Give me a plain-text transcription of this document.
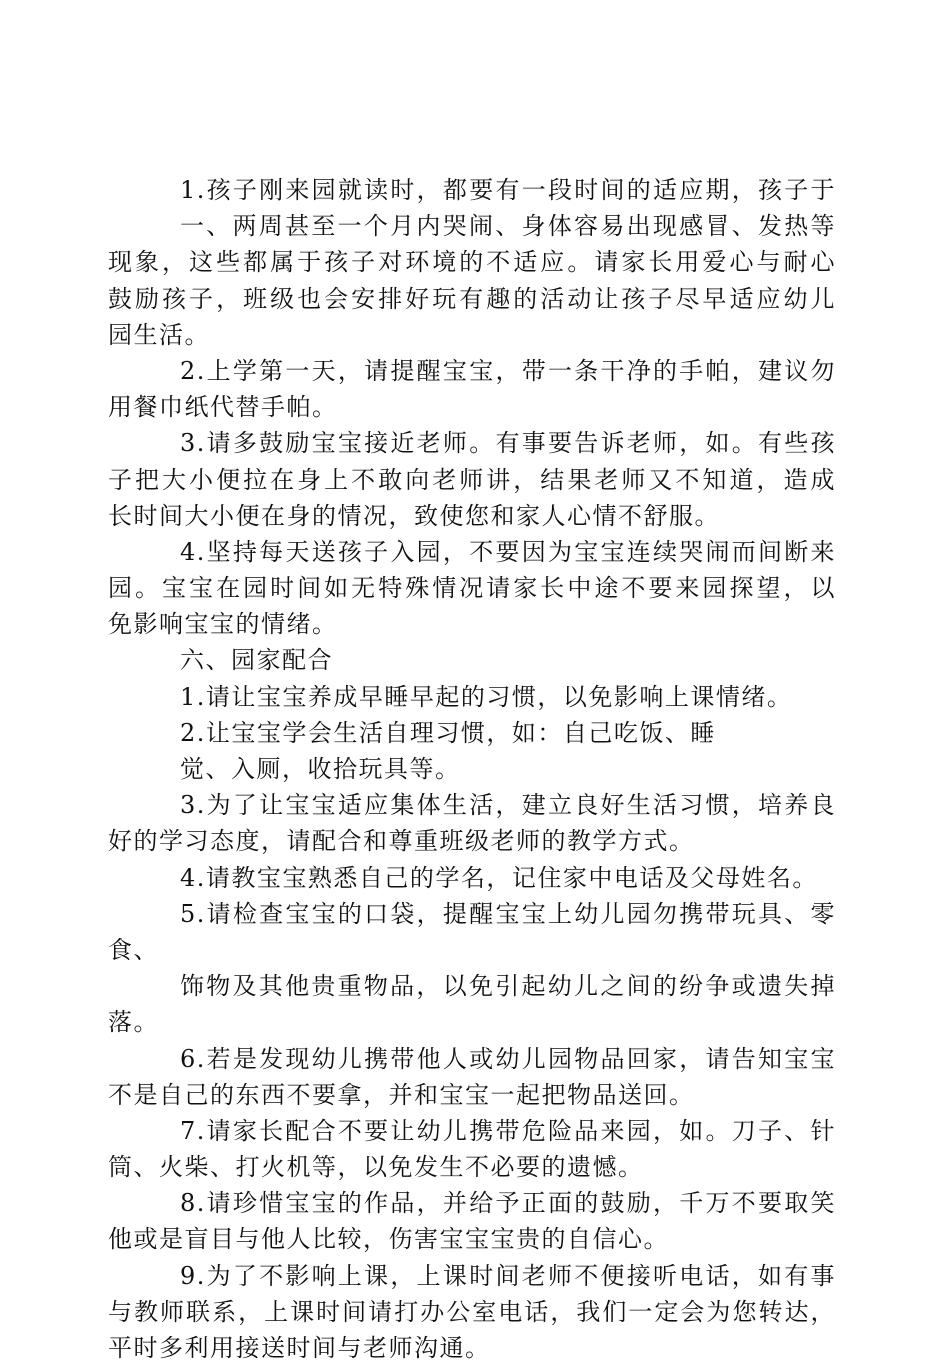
1.孩子刚来园就读时，都要有一段时间的适应期，孩子于
一、两周甚至一个月内哭闹、身体容易出现感冒、发热等
现象，这些都属于孩子对环境的不适应。请家长用爱心与耐心
鼓励孩子，班级也会安排好玩有趣的活动让孩子尽早适应幼儿
园生活。
2.上学第一天，请提醒宝宝，带一条干净的手帕，建议勿
用餐巾纸代替手帕。
3.请多鼓励宝宝接近老师。有事要告诉老师，如。有些孩
子把大小便拉在身上不敢向老师讲，结果老师又不知道，造成
长时间大小便在身的情况，致使您和家人心情不舒服。
4.坚持每天送孩子入园，不要因为宝宝连续哭闹而间断来
园。宝宝在园时间如无特殊情况请家长中途不要来园探望，以
免影响宝宝的情绪。
六、园家配合
1.请让宝宝养成早睡早起的习惯，以免影响上课情绪。
2.让宝宝学会生活自理习惯，如：自己吃饭、睡
觉、入厕，收拾玩具等。
3.为了让宝宝适应集体生活，建立良好生活习惯，培养良
好的学习态度，请配合和尊重班级老师的教学方式。
4.请教宝宝熟悉自己的学名，记住家中电话及父母姓名。
5.请检查宝宝的口袋，提醒宝宝上幼儿园勿携带玩具、零
食、
饰物及其他贵重物品，以免引起幼儿之间的纷争或遗失掉
落。
6.若是发现幼儿携带他人或幼儿园物品回家，请告知宝宝
不是自己的东西不要拿，并和宝宝一起把物品送回。
7.请家长配合不要让幼儿携带危险品来园，如。刀子、针
筒、火柴、打火机等，以免发生不必要的遗憾。
8.请珍惜宝宝的作品，并给予正面的鼓励，千万不要取笑
他或是盲目与他人比较，伤害宝宝宝贵的自信心。
9.为了不影响上课，上课时间老师不便接听电话，如有事
与教师联系，上课时间请打办公室电话，我们一定会为您转达，
平时多利用接送时间与老师沟通。
